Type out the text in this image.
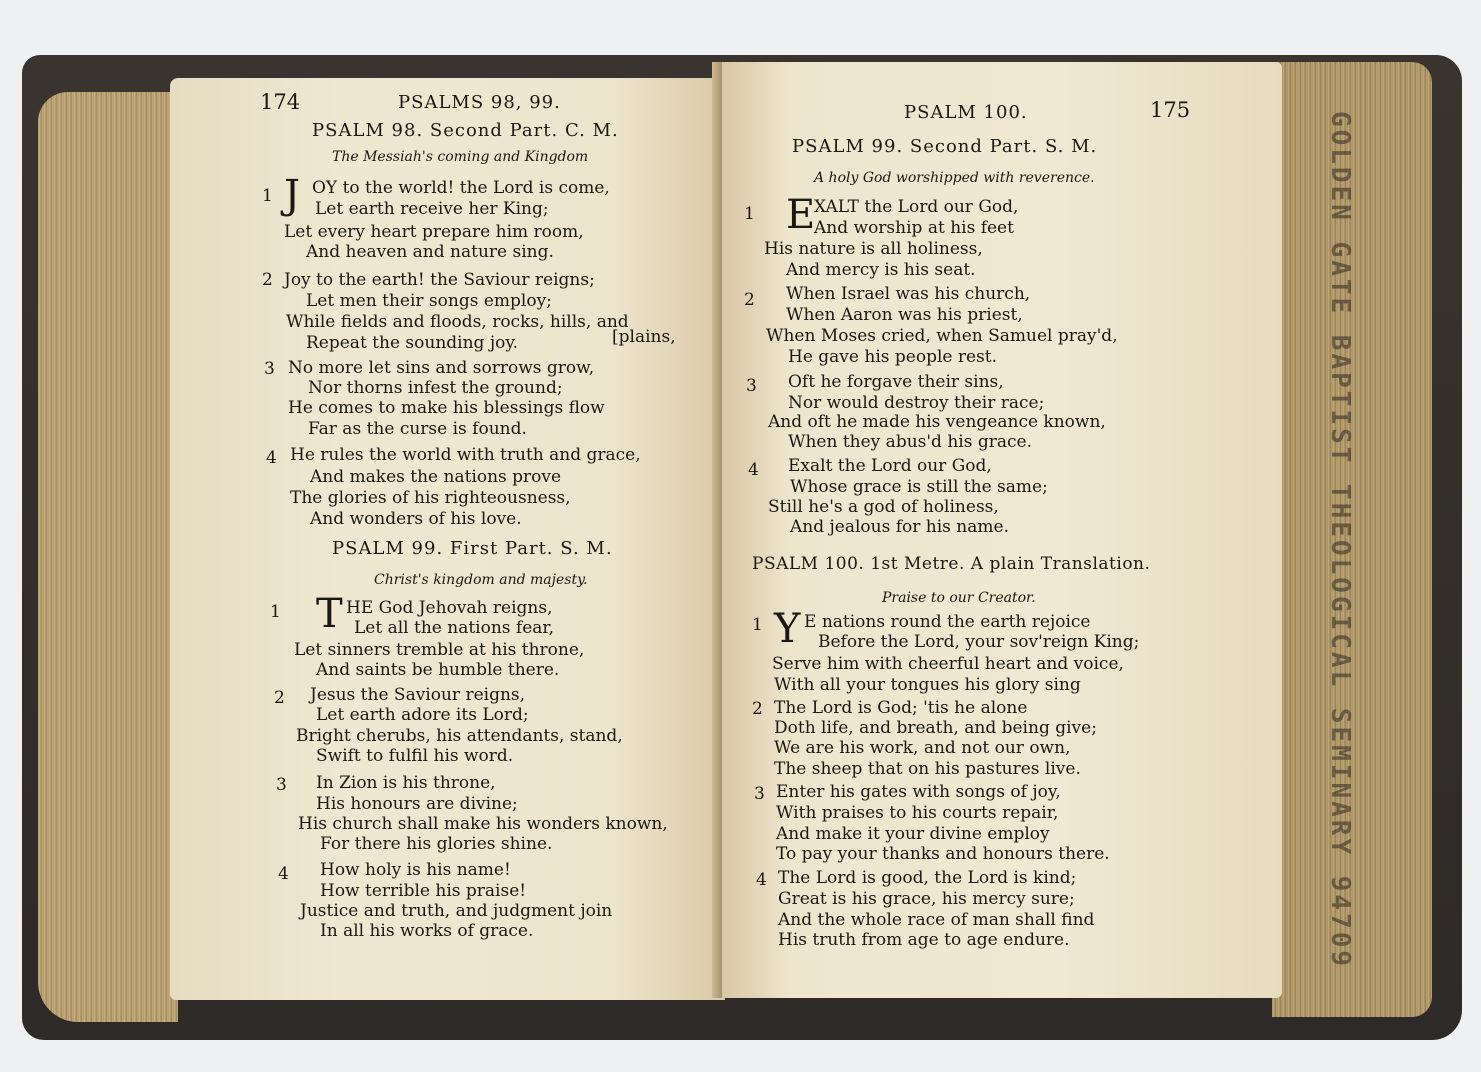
GOLDEN GATE BAPTIST THEOLOGICAL SEMINARY 94709
174	PSALMS 98, 99.
PSALM 98. Second Part. C. M.
The Messiah's coming and Kingdom
1 J OY to the world! the Lord is come,
Let earth receive her King;
Let every heart prepare him room,
And heaven and nature sing.
2 Joy to the earth! the Saviour reigns;
Let men their songs employ;
While fields and floods, rocks, hills, and
Repeat the sounding joy.	[plains,
3 No more let sins and sorrows grow,
Nor thorns infest the ground;
He comes to make his blessings flow
Far as the curse is found.
4 He rules the world with truth and grace,
And makes the nations prove
The glories of his righteousness,
And wonders of his love.
PSALM 99. First Part. S. M.
Christ's kingdom and majesty.
1 T HE God Jehovah reigns,
Let all the nations fear,
Let sinners tremble at his throne,
And saints be humble there.
2 Jesus the Saviour reigns,
Let earth adore its Lord;
Bright cherubs, his attendants, stand,
Swift to fulfil his word.
3 In Zion is his throne,
His honours are divine;
His church shall make his wonders known,
For there his glories shine.
4 How holy is his name!
How terrible his praise!
Justice and truth, and judgment join
In all his works of grace.
PSALM 100.	175
PSALM 99. Second Part. S. M.
A holy God worshipped with reverence.
1 E
XALT the Lord our God,
And worship at his feet
His nature is all holiness,
And mercy is his seat.
2 When Israel was his church,
When Aaron was his priest,
When Moses cried, when Samuel pray'd,
He gave his people rest.
3 Oft he forgave their sins,
Nor would destroy their race;
And oft he made his vengeance known,
When they abus'd his grace.
4 Exalt the Lord our God,
Whose grace is still the same;
Still he's a god of holiness,
And jealous for his name.
PSALM 100. 1st Metre. A plain Translation.
Praise to our Creator.
1 Y E nations round the earth rejoice
Before the Lord, your sov'reign King;
Serve him with cheerful heart and voice,
With all your tongues his glory sing
2 The Lord is God; 'tis he alone
Doth life, and breath, and being give;
We are his work, and not our own,
The sheep that on his pastures live.
3 Enter his gates with songs of joy,
With praises to his courts repair,
And make it your divine employ
To pay your thanks and honours there.
4 The Lord is good, the Lord is kind;
Great is his grace, his mercy sure;
And the whole race of man shall find
His truth from age to age endure.
